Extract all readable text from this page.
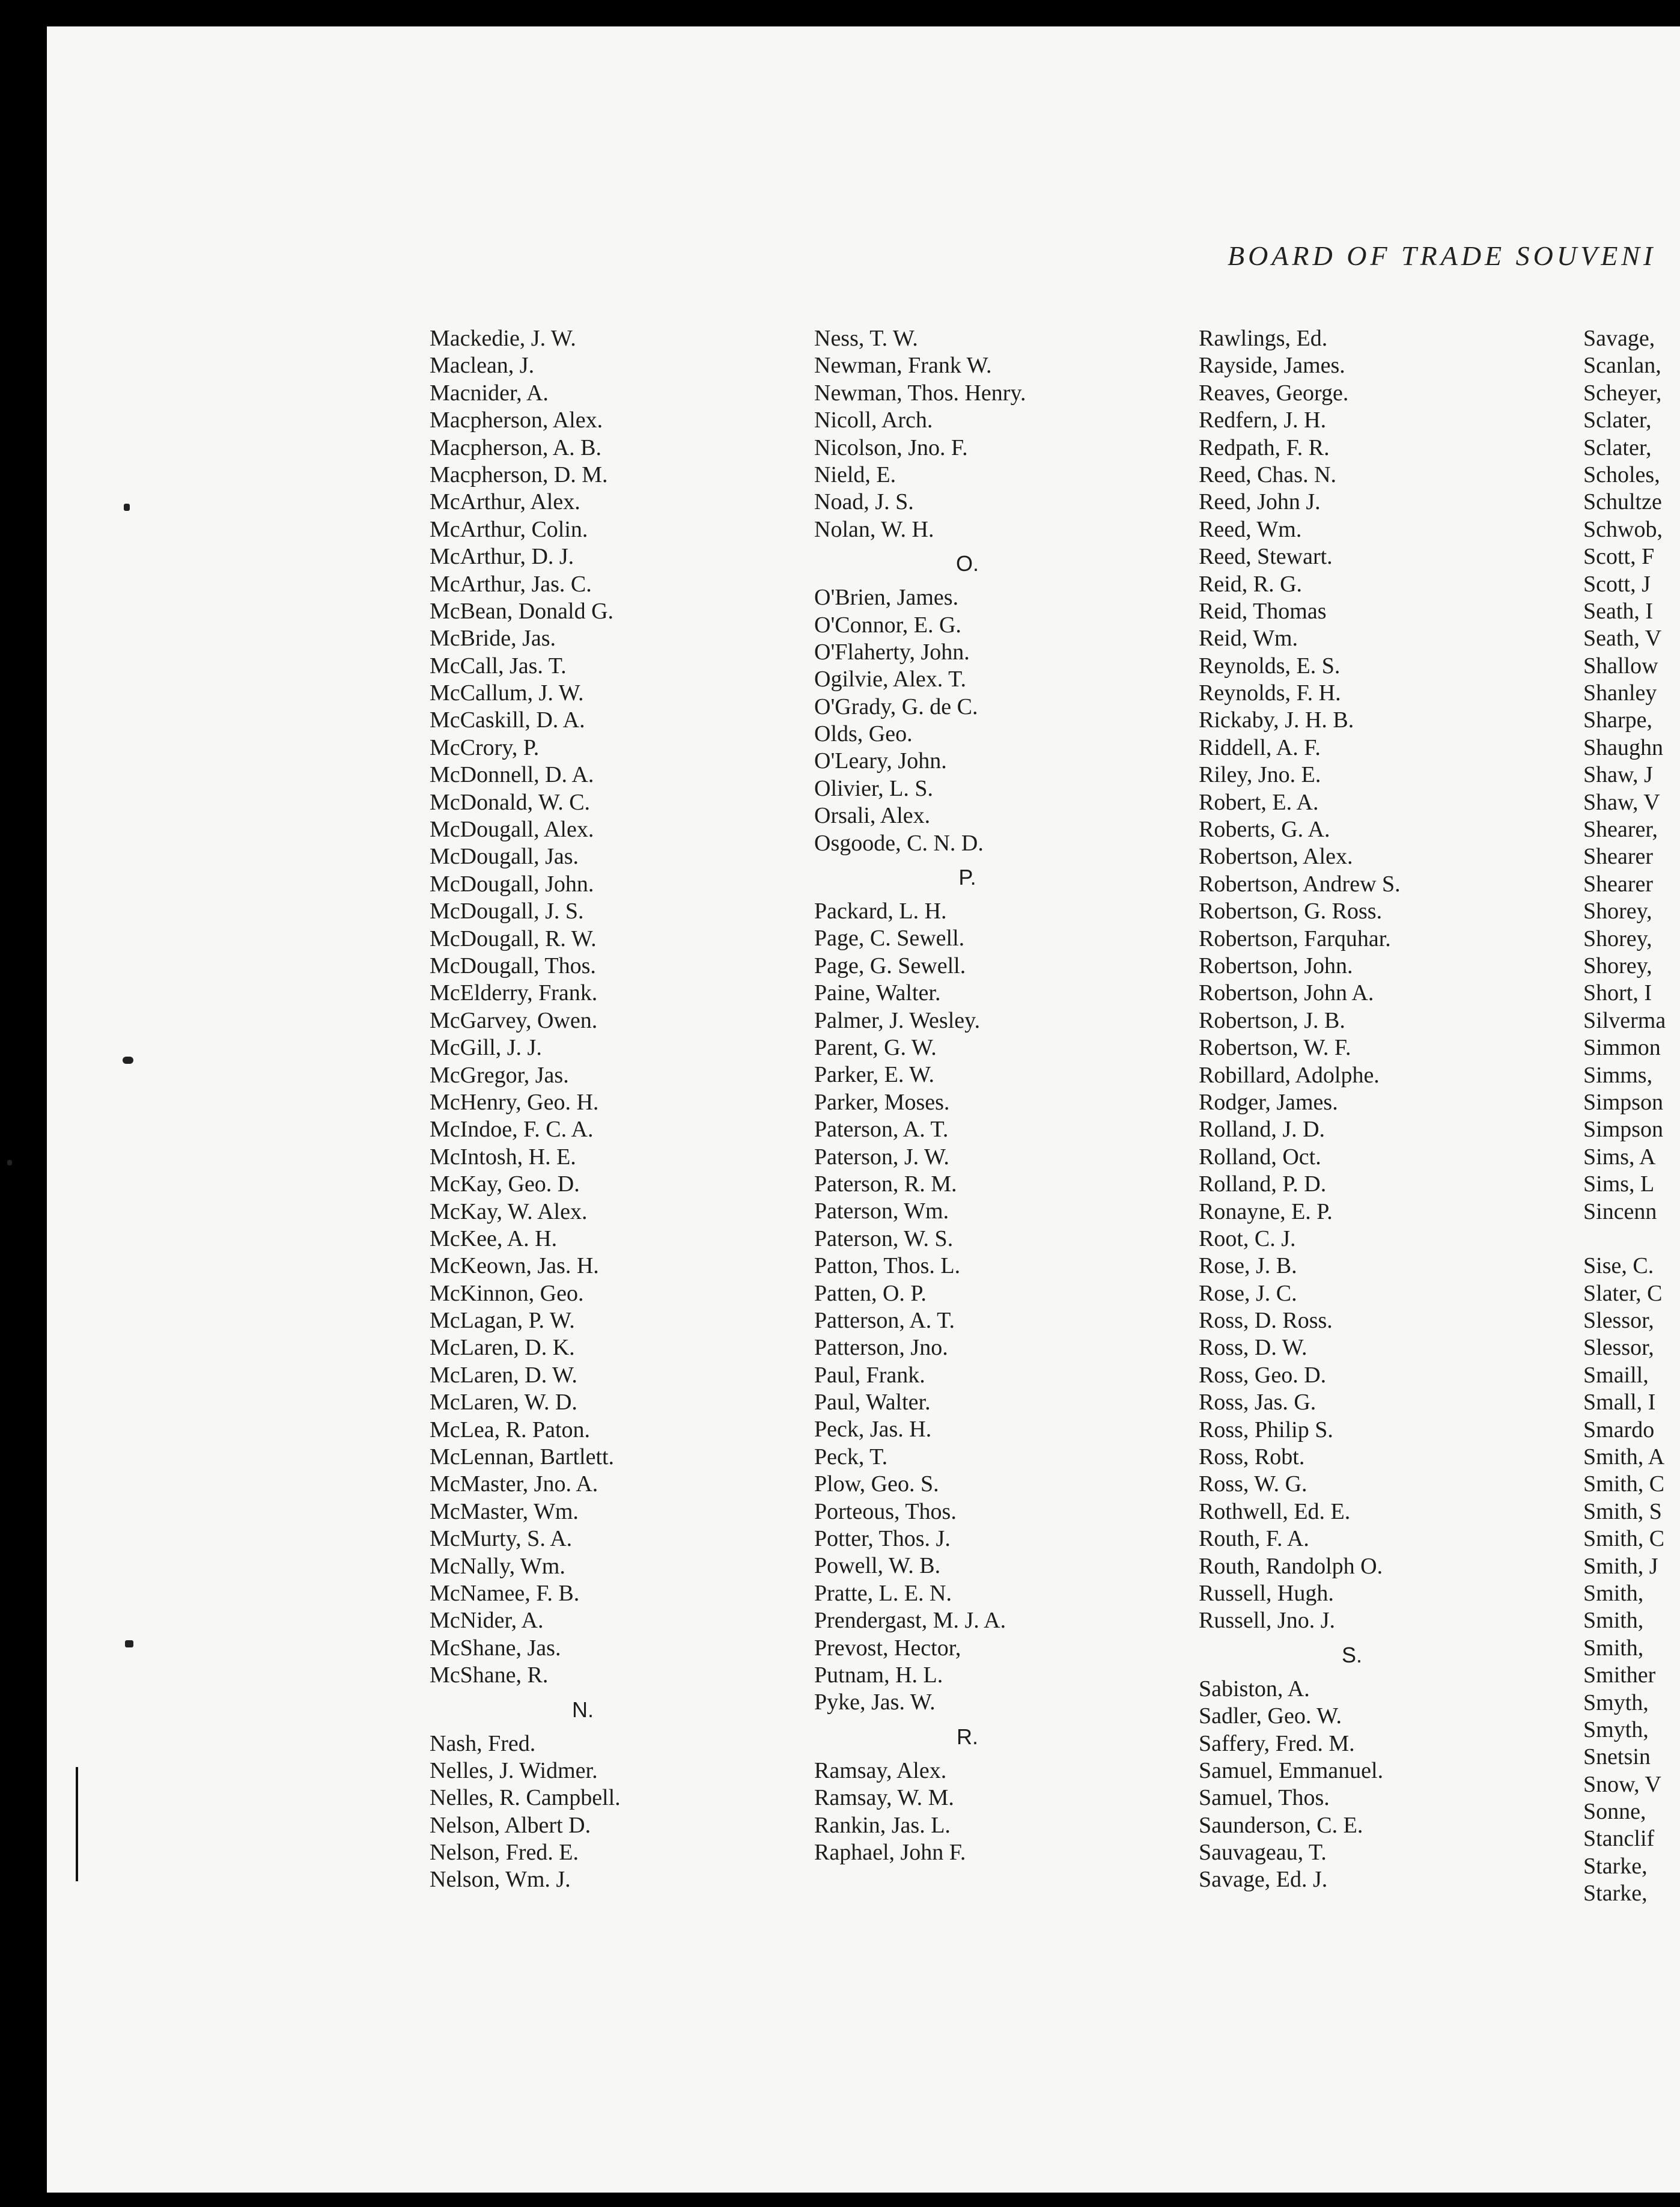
BOARD OF TRADE SOUVENI
Mackedie, J. W.
Maclean, J.
Macnider, A.
Macpherson, Alex.
Macpherson, A. B.
Macpherson, D. M.
McArthur, Alex.
McArthur, Colin.
McArthur, D. J.
McArthur, Jas. C.
McBean, Donald G.
McBride, Jas.
McCall, Jas. T.
McCallum, J. W.
McCaskill, D. A.
McCrory, P.
McDonnell, D. A.
McDonald, W. C.
McDougall, Alex.
McDougall, Jas.
McDougall, John.
McDougall, J. S.
McDougall, R. W.
McDougall, Thos.
McElderry, Frank.
McGarvey, Owen.
McGill, J. J.
McGregor, Jas.
McHenry, Geo. H.
McIndoe, F. C. A.
McIntosh, H. E.
McKay, Geo. D.
McKay, W. Alex.
McKee, A. H.
McKeown, Jas. H.
McKinnon, Geo.
McLagan, P. W.
McLaren, D. K.
McLaren, D. W.
McLaren, W. D.
McLea, R. Paton.
McLennan, Bartlett.
McMaster, Jno. A.
McMaster, Wm.
McMurty, S. A.
McNally, Wm.
McNamee, F. B.
McNider, A.
McShane, Jas.
McShane, R.
N.
Nash, Fred.
Nelles, J. Widmer.
Nelles, R. Campbell.
Nelson, Albert D.
Nelson, Fred. E.
Nelson, Wm. J.
Ness, T. W.
Newman, Frank W.
Newman, Thos. Henry.
Nicoll, Arch.
Nicolson, Jno. F.
Nield, E.
Noad, J. S.
Nolan, W. H.
O.
O'Brien, James.
O'Connor, E. G.
O'Flaherty, John.
Ogilvie, Alex. T.
O'Grady, G. de C.
Olds, Geo.
O'Leary, John.
Olivier, L. S.
Orsali, Alex.
Osgoode, C. N. D.
P.
Packard, L. H.
Page, C. Sewell.
Page, G. Sewell.
Paine, Walter.
Palmer, J. Wesley.
Parent, G. W.
Parker, E. W.
Parker, Moses.
Paterson, A. T.
Paterson, J. W.
Paterson, R. M.
Paterson, Wm.
Paterson, W. S.
Patton, Thos. L.
Patten, O. P.
Patterson, A. T.
Patterson, Jno.
Paul, Frank.
Paul, Walter.
Peck, Jas. H.
Peck, T.
Plow, Geo. S.
Porteous, Thos.
Potter, Thos. J.
Powell, W. B.
Pratte, L. E. N.
Prendergast, M. J. A.
Prevost, Hector,
Putnam, H. L.
Pyke, Jas. W.
R.
Ramsay, Alex.
Ramsay, W. M.
Rankin, Jas. L.
Raphael, John F.
Rawlings, Ed.
Rayside, James.
Reaves, George.
Redfern, J. H.
Redpath, F. R.
Reed, Chas. N.
Reed, John J.
Reed, Wm.
Reed, Stewart.
Reid, R. G.
Reid, Thomas
Reid, Wm.
Reynolds, E. S.
Reynolds, F. H.
Rickaby, J. H. B.
Riddell, A. F.
Riley, Jno. E.
Robert, E. A.
Roberts, G. A.
Robertson, Alex.
Robertson, Andrew S.
Robertson, G. Ross.
Robertson, Farquhar.
Robertson, John.
Robertson, John A.
Robertson, J. B.
Robertson, W. F.
Robillard, Adolphe.
Rodger, James.
Rolland, J. D.
Rolland, Oct.
Rolland, P. D.
Ronayne, E. P.
Root, C. J.
Rose, J. B.
Rose, J. C.
Ross, D. Ross.
Ross, D. W.
Ross, Geo. D.
Ross, Jas. G.
Ross, Philip S.
Ross, Robt.
Ross, W. G.
Rothwell, Ed. E.
Routh, F. A.
Routh, Randolph O.
Russell, Hugh.
Russell, Jno. J.
S.
Sabiston, A.
Sadler, Geo. W.
Saffery, Fred. M.
Samuel, Emmanuel.
Samuel, Thos.
Saunderson, C. E.
Sauvageau, T.
Savage, Ed. J.
Savage,
Scanlan,
Scheyer,
Sclater,
Sclater,
Scholes,
Schultze
Schwob,
Scott, F
Scott, J
Seath, I
Seath, V
Shallow
Shanley
Sharpe,
Shaughn
Shaw, J
Shaw, V
Shearer,
Shearer
Shearer
Shorey,
Shorey,
Shorey,
Short, I
Silverma
Simmon
Simms,
Simpson
Simpson
Sims, A
Sims, L
Sincenn
Sise, C.
Slater, C
Slessor,
Slessor,
Smaill,
Small, I
Smardo
Smith, A
Smith, C
Smith, S
Smith, C
Smith, J
Smith,
Smith,
Smith,
Smither
Smyth,
Smyth,
Snetsin
Snow, V
Sonne,
Stanclif
Starke,
Starke,
